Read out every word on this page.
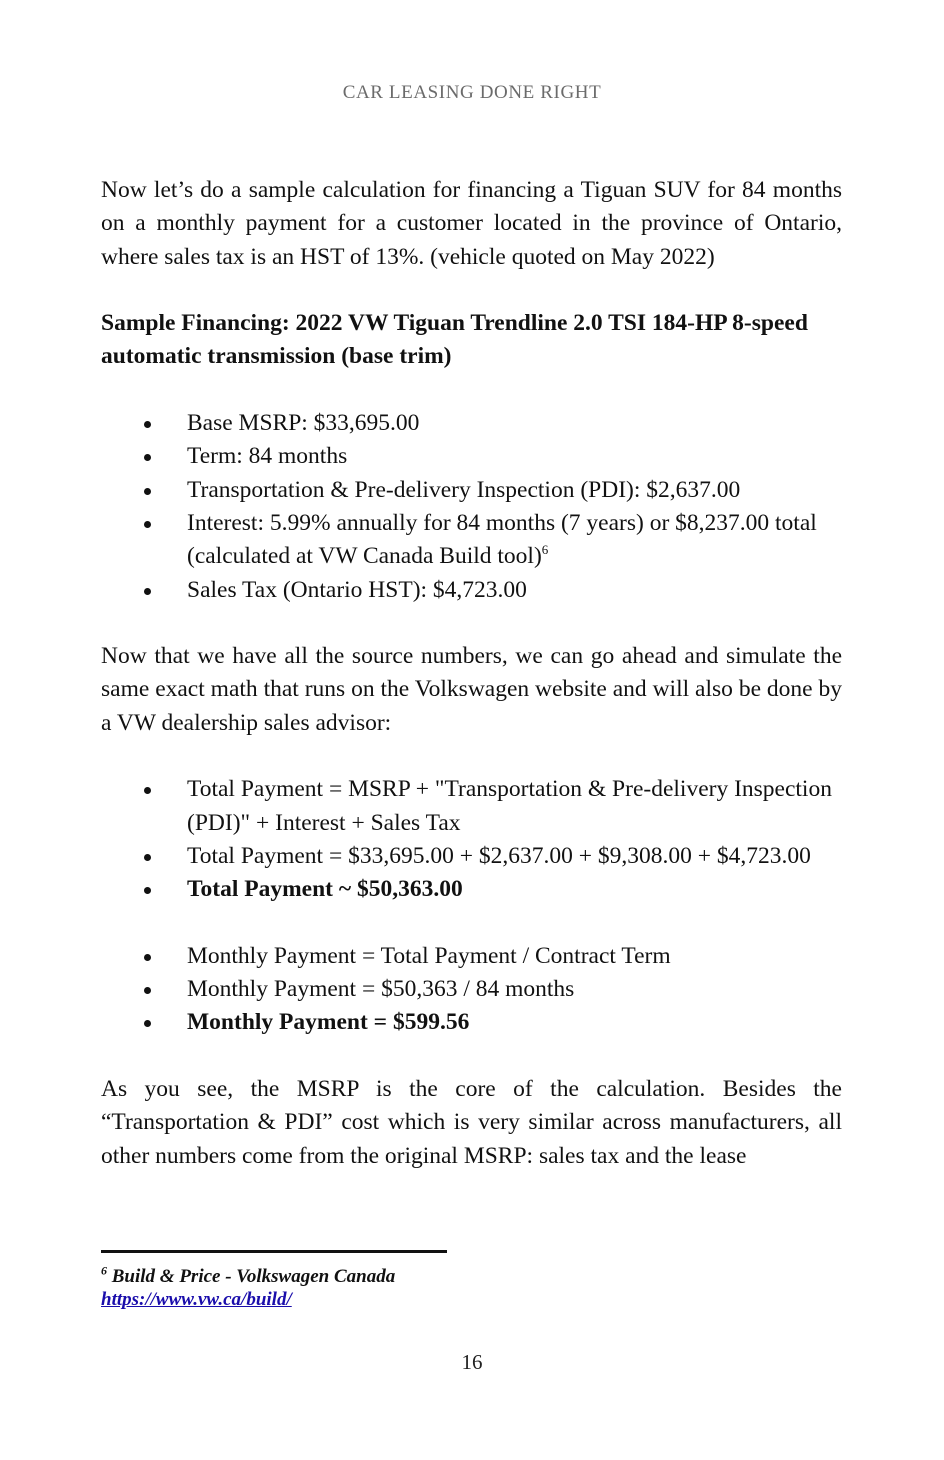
CAR LEASING DONE RIGHT

Now let’s do a sample calculation for financing a Tiguan SUV for 84 months on a monthly payment for a customer located in the province of Ontario, where sales tax is an HST of 13%. (vehicle quoted on May 2022)

Sample Financing: 2022 VW Tiguan Trendline 2.0 TSI 184-HP 8-speed automatic transmission (base trim)

Base MSRP: $33,695.00
Term: 84 months
Transportation & Pre-delivery Inspection (PDI): $2,637.00
Interest: 5.99% annually for 84 months (7 years) or $8,237.00 total (calculated at VW Canada Build tool)$^6$
Sales Tax (Ontario HST): $4,723.00

Now that we have all the source numbers, we can go ahead and simulate the same exact math that runs on the Volkswagen website and will also be done by a VW dealership sales advisor:

Total Payment = MSRP + "Transportation & Pre-delivery Inspection (PDI)" + Interest + Sales Tax
Total Payment = $33,695.00 + $2,637.00 + $9,308.00 + $4,723.00
Total Payment ~ $50,363.00
Monthly Payment = Total Payment / Contract Term
Monthly Payment = $50,363 / 84 months
Monthly Payment = $599.56

As you see, the MSRP is the core of the calculation. Besides the “Transportation & PDI” cost which is very similar across manufacturers, all other numbers come from the original MSRP: sales tax and the lease

$^6$ Build & Price - Volkswagen Canada
https://www.vw.ca/build/
16
